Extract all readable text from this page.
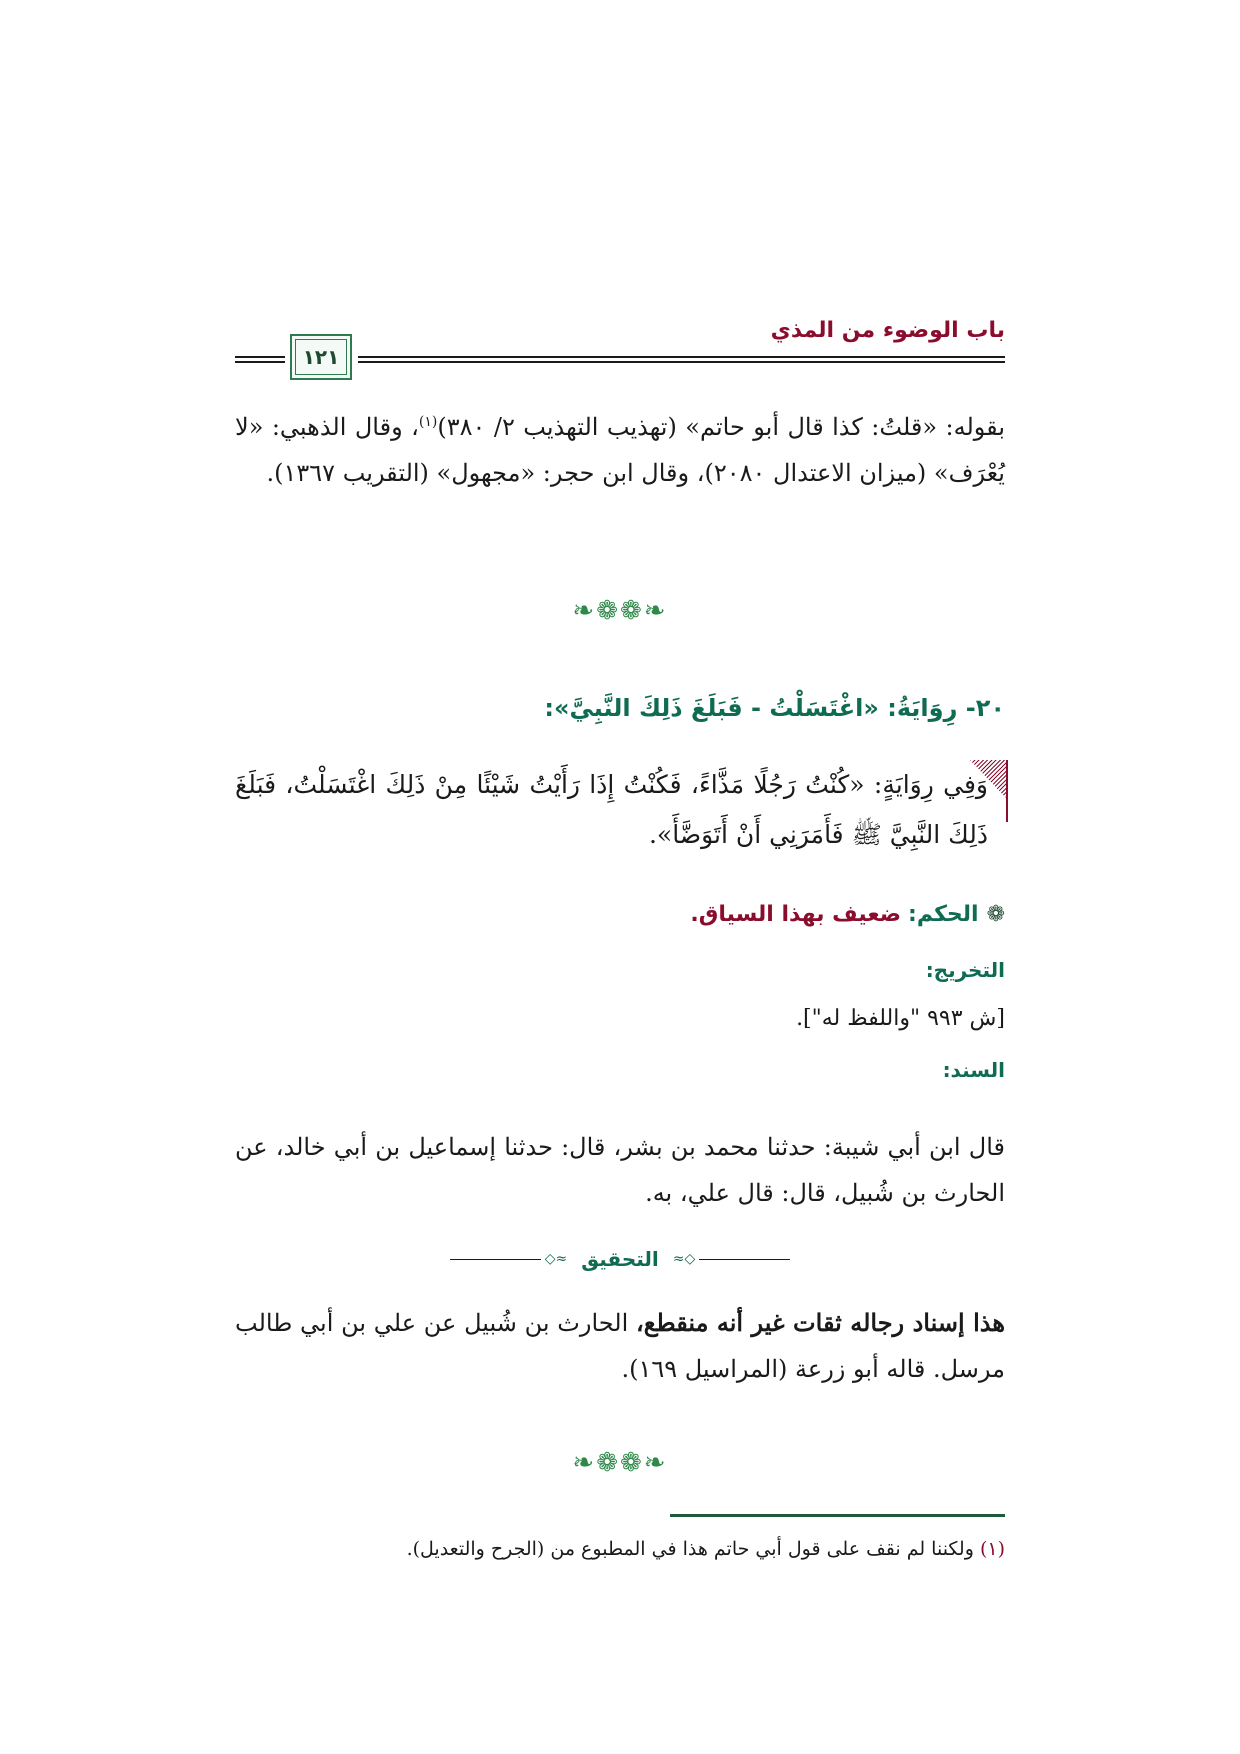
باب الوضوء من المذي
١٢١

بقوله: «قلتُ: كذا قال أبو حاتم» (تهذيب التهذيب ٢/ ٣٨٠)$^{(١)}$، وقال الذهبي: «لا يُعْرَف» (ميزان الاعتدال ٢٠٨٠)، وقال ابن حجر: «مجهول» (التقريب ١٣٦٧).

❧❁❁❧
٢٠- رِوَايَةُ: «اغْتَسَلْتُ - فَبَلَغَ ذَلِكَ النَّبِيَّ»:

وَفِي رِوَايَةٍ: «كُنْتُ رَجُلًا مَذَّاءً، فَكُنْتُ إِذَا رَأَيْتُ شَيْئًا مِنْ ذَلِكَ اغْتَسَلْتُ، فَبَلَغَ ذَلِكَ النَّبِيَّ ﷺ فَأَمَرَنِي أَنْ أَتَوَضَّأَ».

❁الحكم: ضعيف بهذا السياق.

التخريج:

[ش ٩٩٣ "واللفظ له"].

السند:

قال ابن أبي شيبة: حدثنا محمد بن بشر، قال: حدثنا إسماعيل بن أبي خالد، عن الحارث بن شُبيل، قال: قال علي، به.

◇≈
التحقيق
≈◇

هذا إسناد رجاله ثقات غير أنه منقطع، الحارث بن شُبيل عن علي بن أبي طالب مرسل. قاله أبو زرعة (المراسيل ١٦٩).

❧❁❁❧

(١) ولكننا لم نقف على قول أبي حاتم هذا في المطبوع من (الجرح والتعديل).
